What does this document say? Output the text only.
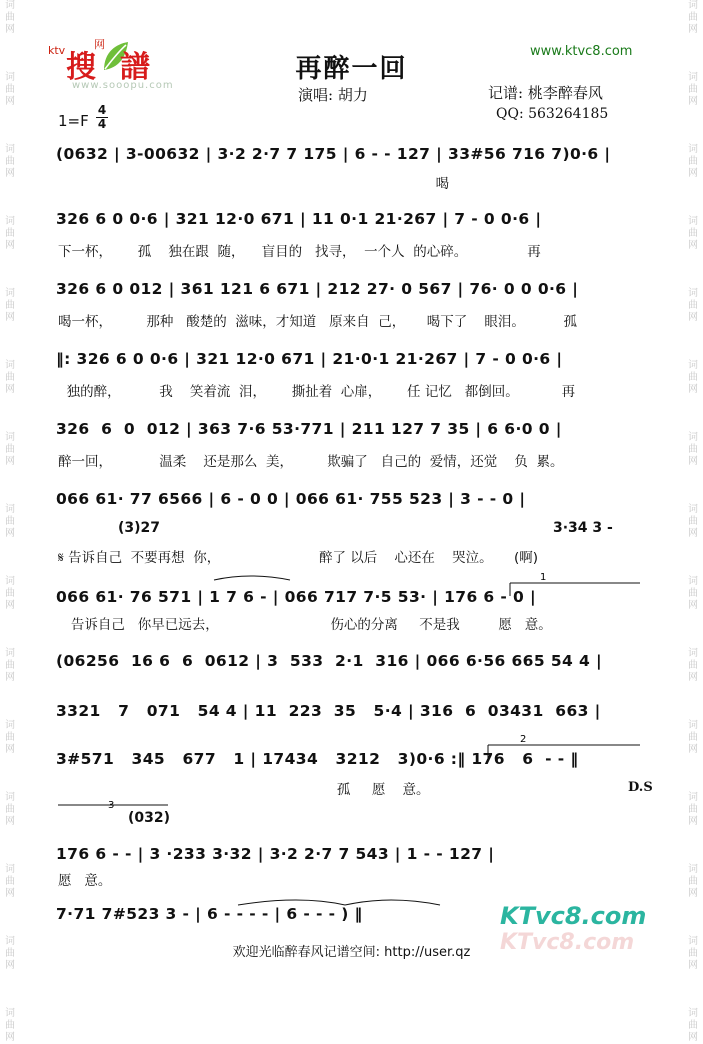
词
曲
网

词
曲
网

词
曲
网

词
曲
网

词
曲
网

词
曲
网

词
曲
网

词
曲
网

词
曲
网

词
曲
网

词
曲
网

词
曲
网

词
曲
网

词
曲
网

词
曲
网
词
曲
网

词
曲
网

词
曲
网

词
曲
网

词
曲
网

词
曲
网

词
曲
网

词
曲
网

词
曲
网

词
曲
网

词
曲
网

词
曲
网

词
曲
网

词
曲
网

词
曲
网
ktv	网
搜 譜
www.sooopu.com
再醉一回
www.ktvc8.com
演唱: 胡力	记谱: 桃李醉春风
QQ: 563264185
1=F
4
4
(0632 | 3-00632 | 3·2 2·7 7 175 | 6 - - 127 | 33#56 716 7)0·6 |
喝
326 6 0 0·6 | 321 12·0 671 | 11 0·1 21·267 | 7 - 0 0·6 |
下一杯，      孤    独在跟  随，    盲目的   找寻，  一个人  的心碎。              再
326 6 0 012 | 361 121 6 671 | 212 27· 0 567 | 76· 0 0 0·6 |
喝一杯，        那种   酸楚的  滋味，才知道   原来自  己，     喝下了    眼泪。         孤
‖: 326 6 0 0·6 | 321 12·0 671 | 21·0·1 21·267 | 7 - 0 0·6 |
独的醉，         我    笑着流  泪，      撕扯着  心扉，      任 记忆   都倒回。          再
326  6  0  012 | 363 7·6 53·771 | 211 127 7 35 | 6 6·0 0 |
醉一回，           温柔    还是那么  美，        欺骗了   自己的  爱情，还觉    负  累。
066 61· 77 6566 | 6 - 0 0 | 066 61· 755 523 | 3 - - 0 |
(3)27	3·34 3 -
𝄋 告诉自己  不要再想  你，                       醉了 以后    心还在    哭泣。     (啊)
066 61· 76 571 | 1 7 6 - | 066 717 7·5 53· | 176 6 - 0 |
告诉自己   你早已远去，                          伤心的分离     不是我         愿   意。
(06256  16 6  6  0612 | 3  533  2·1  316 | 066 6·56 665 54 4 |
3321   7   071   54 4 | 11  223  35   5·4 | 316  6  03431  663 |
3#571   345   677   1 | 17434   3212   3)0·6 :‖ 176   6  - - ‖
孤     愿    意。	D.S
(032)
176 6 - - | 3 ·233 3·32 | 3·2 2·7 7 543 | 1 - - 127 |
愿   意。
7·71 7#523 3 - | 6 - - - - | 6 - - - ) ‖
KTvc8.com
KTvc8.com
欢迎光临醉春风记谱空间: http://user.qz
1
2
3
